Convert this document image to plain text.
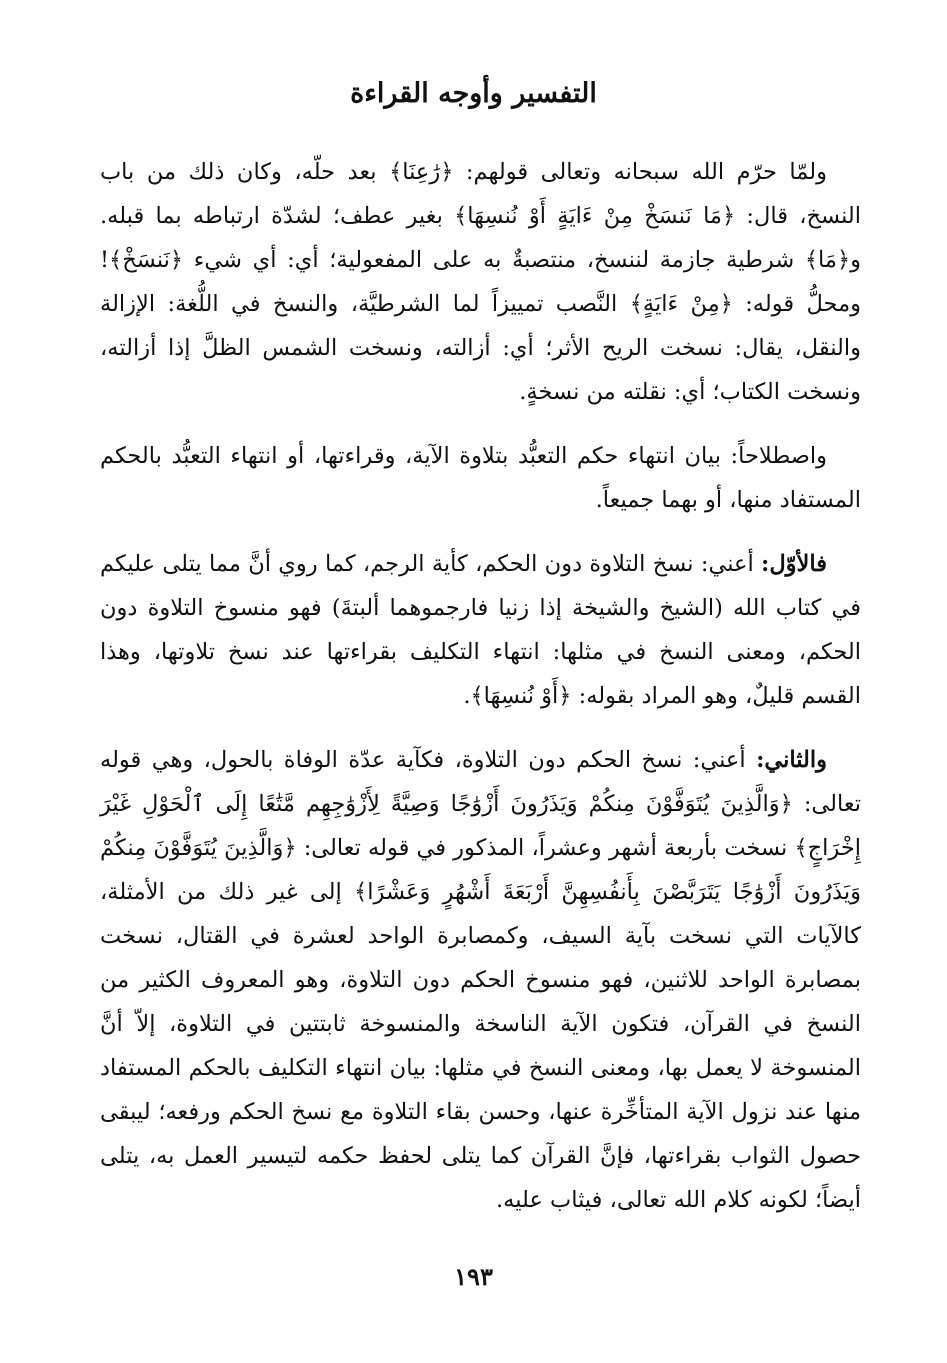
التفسير وأوجه القراءة

ولمّا حرّم الله سبحانه وتعالى قولهم: ﴿رَٰعِنَا﴾ بعد حلّه، وكان ذلك من باب النسخ، قال: ﴿مَا نَنسَخْ مِنْ ءَايَةٍ أَوْ نُنسِهَا﴾ بغير عطف؛ لشدّة ارتباطه بما قبله. و﴿مَا﴾ شرطية جازمة لننسخ، منتصبةٌ به على المفعولية؛ أي: أي شيء ﴿نَنسَخْ﴾! ومحلُّ قوله: ﴿مِنْ ءَايَةٍ﴾ النَّصب تمييزاً لما الشرطيَّة، والنسخ في اللُّغة: الإزالة والنقل، يقال: نسخت الريح الأثر؛ أي: أزالته، ونسخت الشمس الظلَّ إذا أزالته، ونسخت الكتاب؛ أي: نقلته من نسخةٍ.

واصطلاحاً: بيان انتهاء حكم التعبُّد بتلاوة الآية، وقراءتها، أو انتهاء التعبُّد بالحكم المستفاد منها، أو بهما جميعاً.

فالأوّل: أعني: نسخ التلاوة دون الحكم، كأية الرجم، كما روي أنَّ مما يتلى عليكم في كتاب الله (الشيخ والشيخة إذا زنيا فارجموهما ألبتةَ) فهو منسوخ التلاوة دون الحكم، ومعنى النسخ في مثلها: انتهاء التكليف بقراءتها عند نسخ تلاوتها، وهذا القسم قليلٌ، وهو المراد بقوله: ﴿أَوْ نُنسِهَا﴾.

والثاني: أعني: نسخ الحكم دون التلاوة، فكآية عدّة الوفاة بالحول، وهي قوله تعالى: ﴿وَالَّذِينَ يُتَوَفَّوْنَ مِنكُمْ وَيَذَرُونَ أَزْوَٰجًا وَصِيَّةً لِأَزْوَٰجِهِم مَّتَٰعًا إِلَى ٱلْحَوْلِ غَيْرَ إِخْرَاجٍ﴾ نسخت بأربعة أشهر وعشراً، المذكور في قوله تعالى: ﴿وَالَّذِينَ يُتَوَفَّوْنَ مِنكُمْ وَيَذَرُونَ أَزْوَٰجًا يَتَرَبَّصْنَ بِأَنفُسِهِنَّ أَرْبَعَةَ أَشْهُرٍ وَعَشْرًا﴾ إلى غير ذلك من الأمثلة، كالآيات التي نسخت بآية السيف، وكمصابرة الواحد لعشرة في القتال، نسخت بمصابرة الواحد للاثنين، فهو منسوخ الحكم دون التلاوة، وهو المعروف الكثير من النسخ في القرآن، فتكون الآية الناسخة والمنسوخة ثابتتين في التلاوة، إلاّ أنَّ المنسوخة لا يعمل بها، ومعنى النسخ في مثلها: بيان انتهاء التكليف بالحكم المستفاد منها عند نزول الآية المتأخِّرة عنها، وحسن بقاء التلاوة مع نسخ الحكم ورفعه؛ ليبقى حصول الثواب بقراءتها، فإنَّ القرآن كما يتلى لحفظ حكمه لتيسير العمل به، يتلى أيضاً؛ لكونه كلام الله تعالى، فيثاب عليه.

١٩٣
